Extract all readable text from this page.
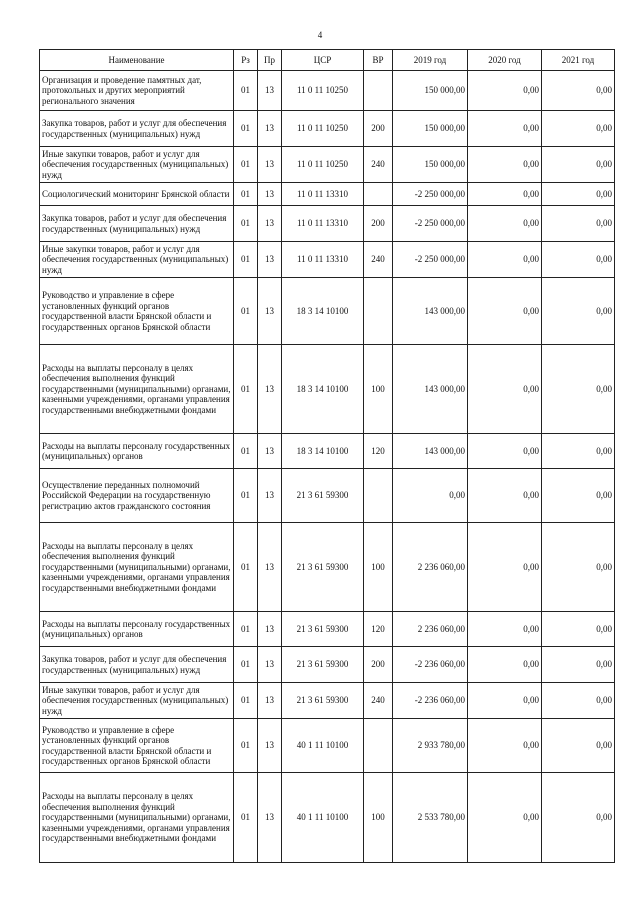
4
Наименование	Рз	Пр	ЦСР	ВР	2019 год	2020 год	2021 год
Организация и проведение памятных дат, протокольных и других мероприятий регионального значения	01	13	11 0 11 10250		150 000,00	0,00	0,00
Закупка товаров, работ и услуг для обеспечения государственных (муниципальных) нужд	01	13	11 0 11 10250	200	150 000,00	0,00	0,00
Иные закупки товаров, работ и услуг для обеспечения государственных (муниципальных) нужд	01	13	11 0 11 10250	240	150 000,00	0,00	0,00
Социологический мониторинг Брянской области	01	13	11 0 11 13310		-2 250 000,00	0,00	0,00
Закупка товаров, работ и услуг для обеспечения государственных (муниципальных) нужд	01	13	11 0 11 13310	200	-2 250 000,00	0,00	0,00
Иные закупки товаров, работ и услуг для обеспечения государственных (муниципальных) нужд	01	13	11 0 11 13310	240	-2 250 000,00	0,00	0,00
Руководство и управление в сфере установленных функций органов государственной власти Брянской области и государственных органов Брянской области	01	13	18 3 14 10100		143 000,00	0,00	0,00
Расходы на выплаты персоналу в целях обеспечения выполнения функций государственными (муниципальными) органами, казенными учреждениями, органами управления государственными внебюджетными фондами	01	13	18 3 14 10100	100	143 000,00	0,00	0,00
Расходы на выплаты персоналу государственных (муниципальных) органов	01	13	18 3 14 10100	120	143 000,00	0,00	0,00
Осуществление переданных полномочий Российской Федерации на государственную регистрацию актов гражданского состояния	01	13	21 3 61 59300		0,00	0,00	0,00
Расходы на выплаты персоналу в целях обеспечения выполнения функций государственными (муниципальными) органами, казенными учреждениями, органами управления государственными внебюджетными фондами	01	13	21 3 61 59300	100	2 236 060,00	0,00	0,00
Расходы на выплаты персоналу государственных (муниципальных) органов	01	13	21 3 61 59300	120	2 236 060,00	0,00	0,00
Закупка товаров, работ и услуг для обеспечения государственных (муниципальных) нужд	01	13	21 3 61 59300	200	-2 236 060,00	0,00	0,00
Иные закупки товаров, работ и услуг для обеспечения государственных (муниципальных) нужд	01	13	21 3 61 59300	240	-2 236 060,00	0,00	0,00
Руководство и управление в сфере установленных функций органов государственной власти Брянской области и государственных органов Брянской области	01	13	40 1 11 10100		2 933 780,00	0,00	0,00
Расходы на выплаты персоналу в целях обеспечения выполнения функций государственными (муниципальными) органами, казенными учреждениями, органами управления государственными внебюджетными фондами	01	13	40 1 11 10100	100	2 533 780,00	0,00	0,00
